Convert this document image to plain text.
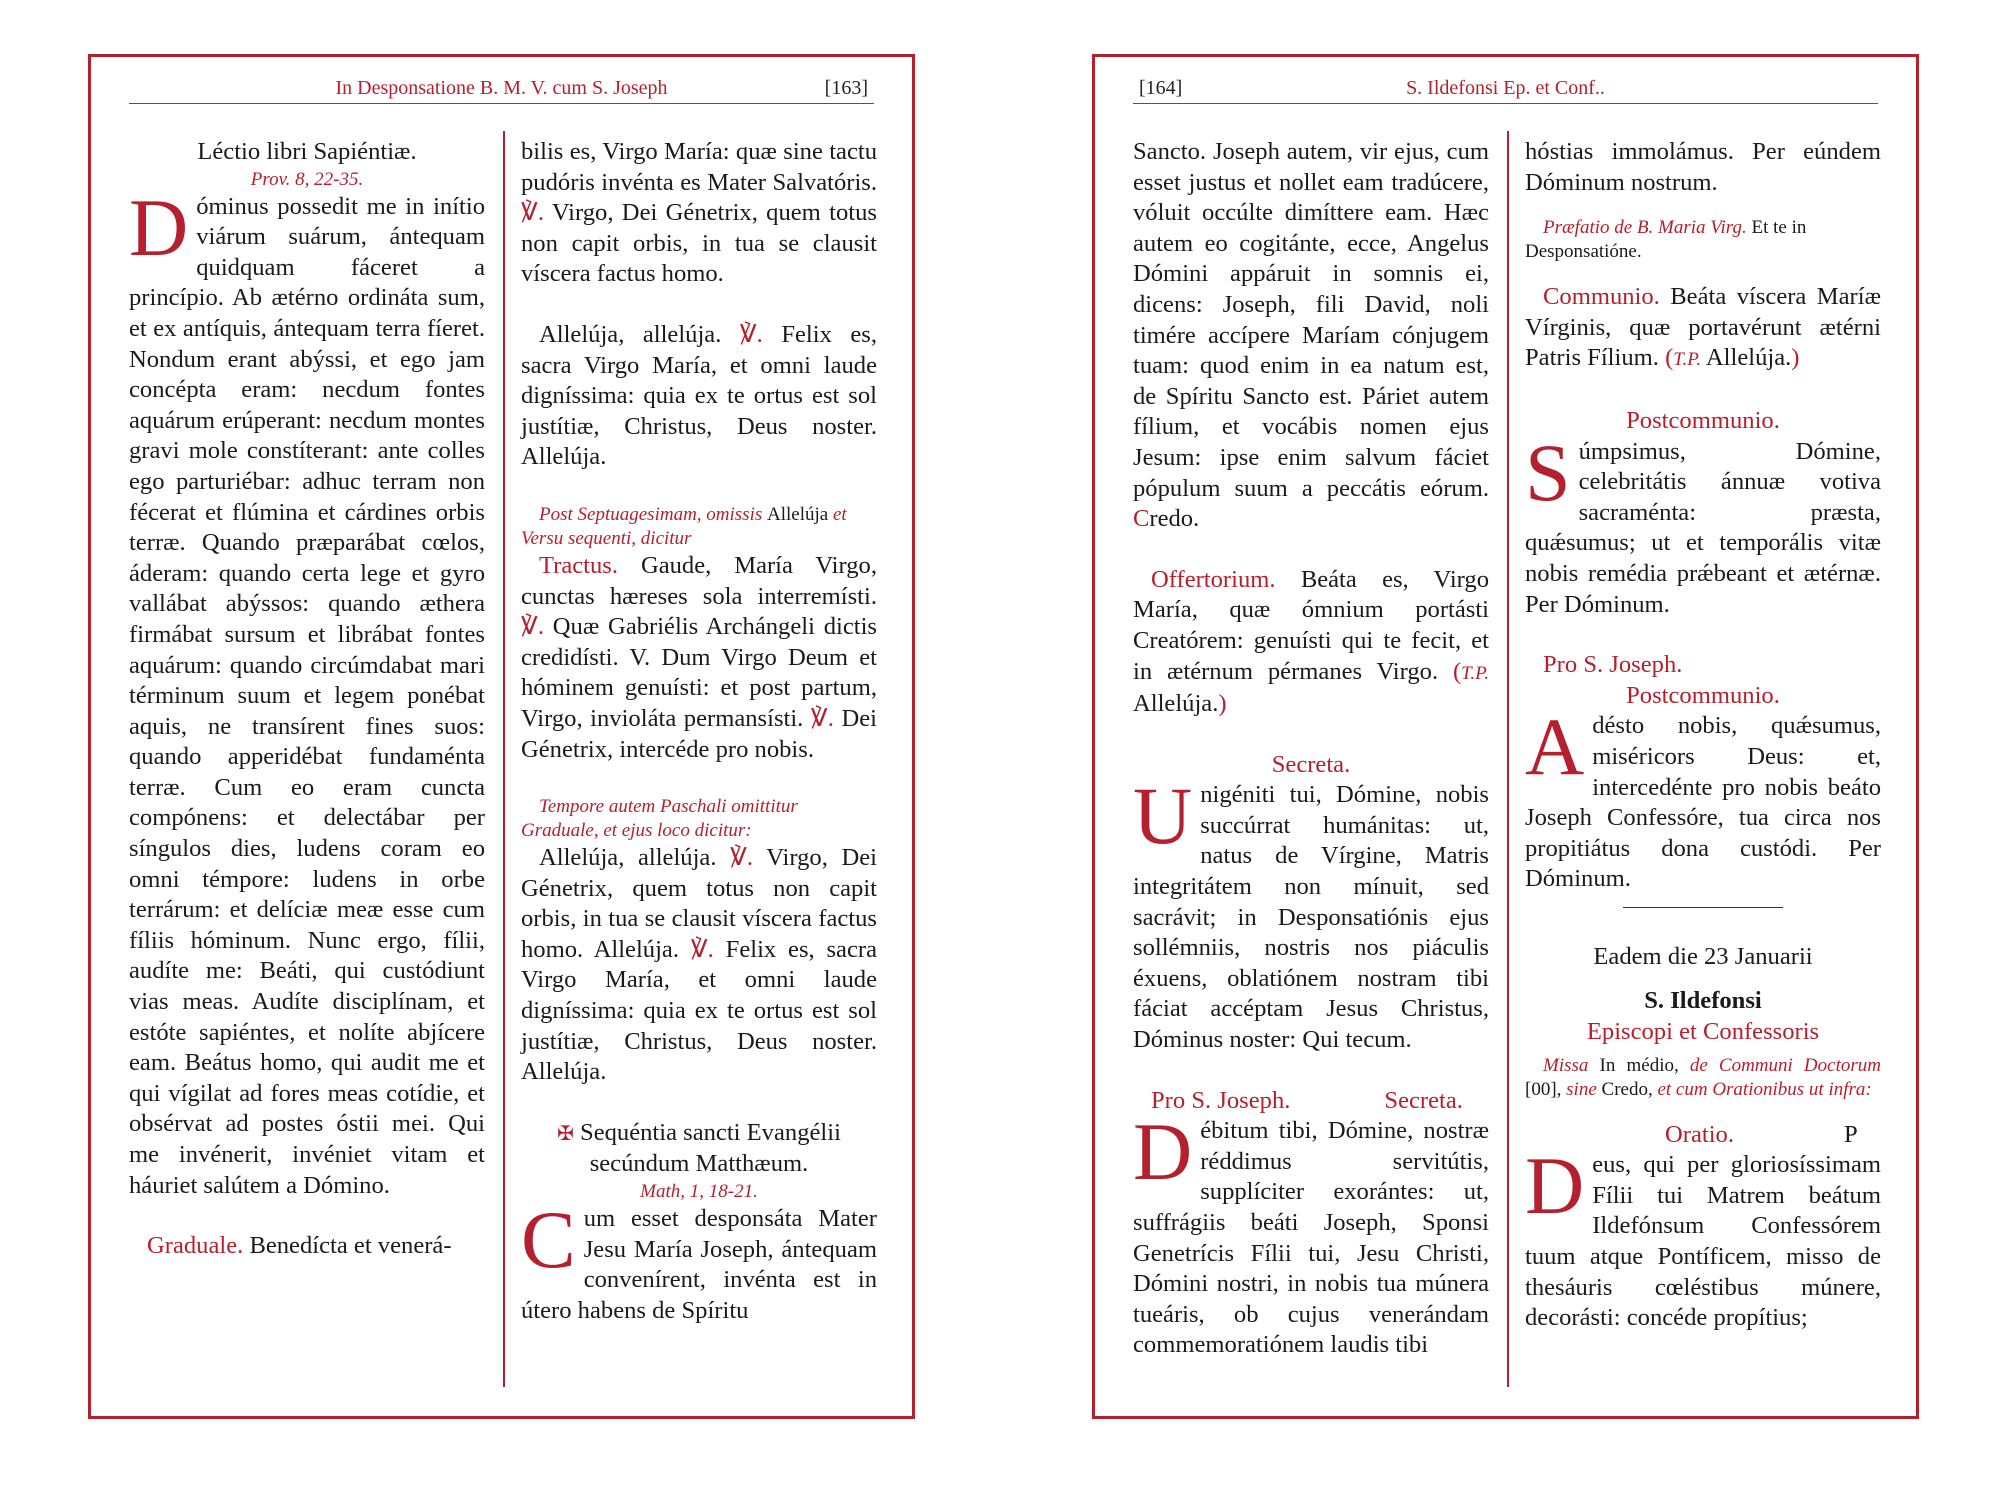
In Desponsatione B. M. V. cum S. Joseph	[163]

Léctio libri Sapiéntiæ.

Prov. 8, 22-35.

Dóminus possedit me in inítio viárum suárum, ántequam quidquam fáceret a princípio. Ab ætérno ordináta sum, et ex antíquis, ántequam terra fíeret. Nondum erant abýssi, et ego jam concépta eram: necdum fontes aquárum erúperant: necdum montes gravi mole constíterant: ante colles ego parturiébar: adhuc terram non fécerat et flúmina et cárdines orbis terræ. Quando præparábat cœlos, áderam: quando certa lege et gyro vallábat abýssos: quando æthera firmábat sursum et librábat fontes aquárum: quando circúmdabat mari términum suum et legem ponébat aquis, ne transírent fines suos: quando apperidébat fundaménta terræ. Cum eo eram cuncta compónens: et delectábar per síngulos dies, ludens coram eo omni témpore: ludens in orbe terrárum: et delíciæ meæ esse cum fíliis hóminum. Nunc ergo, fílii, audíte me: Beáti, qui custódiunt vias meas. Audíte disciplínam, et estóte sapiéntes, et nolíte abjícere eam. Beátus homo, qui audit me et qui vígilat ad fores meas cotídie, et obsérvat ad postes óstii mei. Qui me invénerit, invéniet vitam et háuriet salútem a Dómino.

Graduale. Benedícta et venerá-

bilis es, Virgo María: quæ sine tactu pudóris invénta es Mater Salvatóris. ℣. Virgo, Dei Génetrix, quem totus non capit orbis, in tua se clausit víscera factus homo.

Allelúja, allelúja. ℣. Felix es, sacra Virgo María, et omni laude digníssima: quia ex te ortus est sol justítiæ, Christus, Deus noster. Allelúja.

Post Septuagesimam, omissis Allelúja et Versu sequenti, dicitur

Tractus. Gaude, María Virgo, cunctas hæreses sola interremísti. ℣. Quæ Gabriélis Archángeli dictis credidísti. V. Dum Virgo Deum et hóminem genuísti: et post partum, Virgo, invioláta permansísti. ℣. Dei Génetrix, intercéde pro nobis.

Tempore autem Paschali omittitur Graduale, et ejus loco dicitur:

Allelúja, allelúja. ℣. Virgo, Dei Génetrix, quem totus non capit orbis, in tua se clausit víscera factus homo. Allelúja. ℣. Felix es, sacra Virgo María, et omni laude digníssima: quia ex te ortus est sol justítiæ, Christus, Deus noster. Allelúja.

✠ Sequéntia sancti Evangélii secúndum Matthæum.

Math, 1, 18-21.

Cum esset desponsáta Mater Jesu María Joseph, ántequam convenírent, invénta est in útero habens de Spíritu

[164]	S. Ildefonsi Ep. et Conf..

Sancto. Joseph autem, vir ejus, cum esset justus et nollet eam tradúcere, vóluit occúlte dimíttere eam. Hæc autem eo cogitánte, ecce, Angelus Dómini appáruit in somnis ei, dicens: Joseph, fili David, noli timére accípere Maríam cónjugem tuam: quod enim in ea natum est, de Spíritu Sancto est. Páriet autem fílium, et vocábis nomen ejus Jesum: ipse enim salvum fáciet pópulum suum a peccátis eórum. Credo.

Offertorium. Beáta es, Virgo María, quæ ómnium portásti Creatórem: genuísti qui te fecit, et in ætérnum pérmanes Virgo. (T.P. Allelúja.)

Secreta.

Unigéniti tui, Dómine, nobis succúrrat humánitas: ut, natus de Vírgine, Matris integritátem non mínuit, sed sacrávit; in Desponsatiónis ejus sollémniis, nostris nos piáculis éxuens, oblatiónem nostram tibi fáciat accéptam Jesus Christus, Dóminus noster: Qui tecum.

Pro S. Joseph.	Secreta.

Débitum tibi, Dómine, nostræ réddimus servitútis, supplíciter exorántes: ut, suffrágiis beáti Joseph, Sponsi Genetrícis Fílii tui, Jesu Christi, Dómini nostri, in nobis tua múnera tueáris, ob cujus venerándam commemoratiónem laudis tibi

hóstias immolámus. Per eúndem Dóminum nostrum.

Præfatio de B. Maria Virg. Et te in Desponsatióne.

Communio. Beáta víscera Maríæ Vírginis, quæ portavérunt ætérni Patris Fílium. (T.P. Allelúja.)

Postcommunio.

Súmpsimus, Dómine, celebritátis ánnuæ votiva sacraménta: præsta, quǽsumus; ut et temporális vitæ nobis remédia prǽbeant et ætérnæ. Per Dóminum.

Pro S. Joseph.

Postcommunio.

Adésto nobis, quǽsumus, miséricors Deus: et, intercedénte pro nobis beáto Joseph Confessóre, tua circa nos propitiátus dona custódi. Per Dóminum.

Eadem die 23 Januarii

S. Ildefonsi

Episcopi et Confessoris

Missa In médio, de Communi Doctorum [00], sine Credo, et cum Orationibus ut infra:

Oratio.	P

Deus, qui per gloriosíssimam Fílii tui Matrem beátum Ildefónsum Confessórem tuum atque Pontíficem, misso de thesáuris cœléstibus múnere, decorásti: concéde propítius;
